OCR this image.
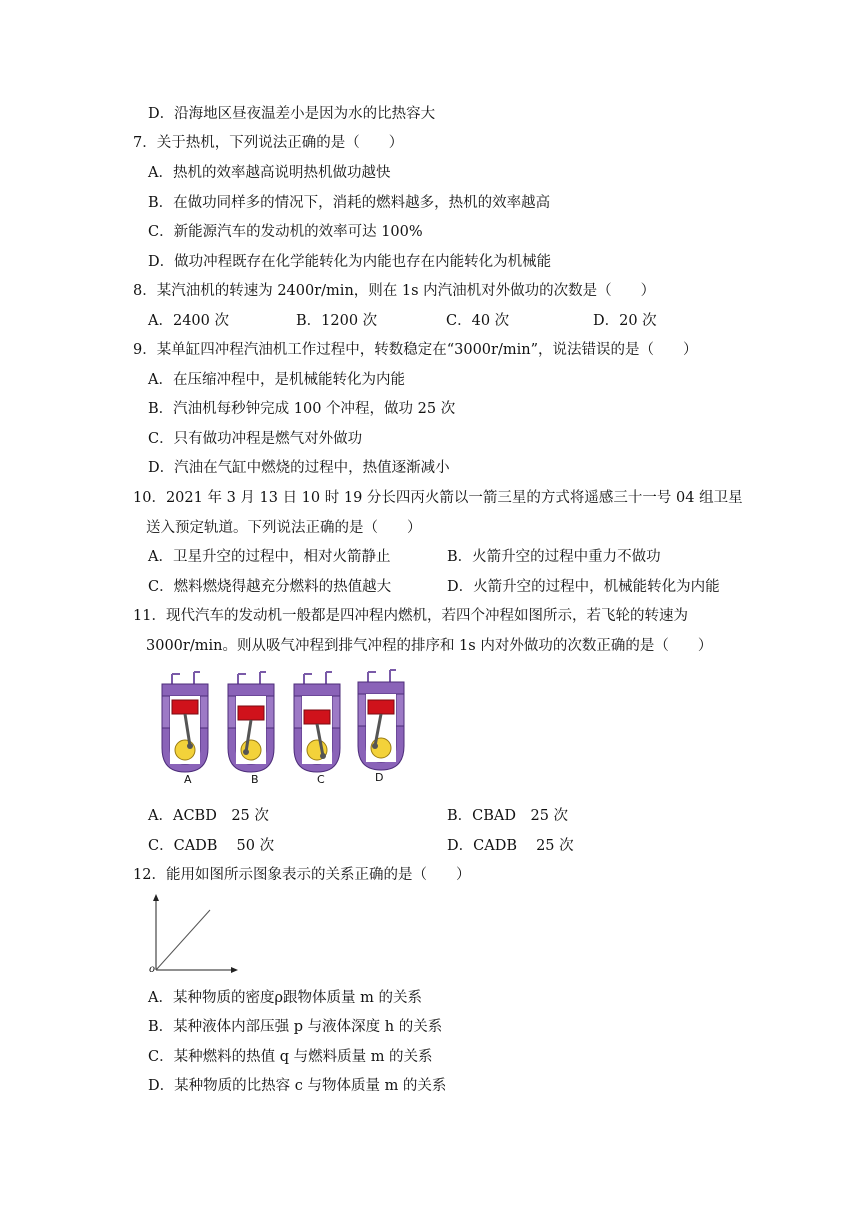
D．沿海地区昼夜温差小是因为水的比热容大
7．关于热机，下列说法正确的是（　　）
A．热机的效率越高说明热机做功越快
B．在做功同样多的情况下，消耗的燃料越多，热机的效率越高
C．新能源汽车的发动机的效率可达 100%
D．做功冲程既存在化学能转化为内能也存在内能转化为机械能
8．某汽油机的转速为 2400r/min，则在 1s 内汽油机对外做功的次数是（　　）
A．2400 次	B．1200 次	C．40 次	D．20 次
9．某单缸四冲程汽油机工作过程中，转数稳定在“3000r/min”，说法错误的是（　　）
A．在压缩冲程中，是机械能转化为内能
B．汽油机每秒钟完成 100 个冲程，做功 25 次
C．只有做功冲程是燃气对外做功
D．汽油在气缸中燃烧的过程中，热值逐渐减小
10．2021 年 3 月 13 日 10 时 19 分长四丙火箭以一箭三星的方式将遥感三十一号 04 组卫星
送入预定轨道。下列说法正确的是（　　）
A．卫星升空的过程中，相对火箭静止	B．火箭升空的过程中重力不做功
C．燃料燃烧得越充分燃料的热值越大	D．火箭升空的过程中，机械能转化为内能
11．现代汽车的发动机一般都是四冲程内燃机，若四个冲程如图所示，若飞轮的转速为
3000r/min。则从吸气冲程到排气冲程的排序和 1s 内对外做功的次数正确的是（　　）
A	B	C	D
A．ACBD　25 次	B．CBAD　25 次
C．CADB　 50 次	D．CADB　 25 次
12．能用如图所示图象表示的关系正确的是（　　）
o
A．某种物质的密度ρ跟物体质量 m 的关系
B．某种液体内部压强 p 与液体深度 h 的关系
C．某种燃料的热值 q 与燃料质量 m 的关系
D．某种物质的比热容 c 与物体质量 m 的关系
